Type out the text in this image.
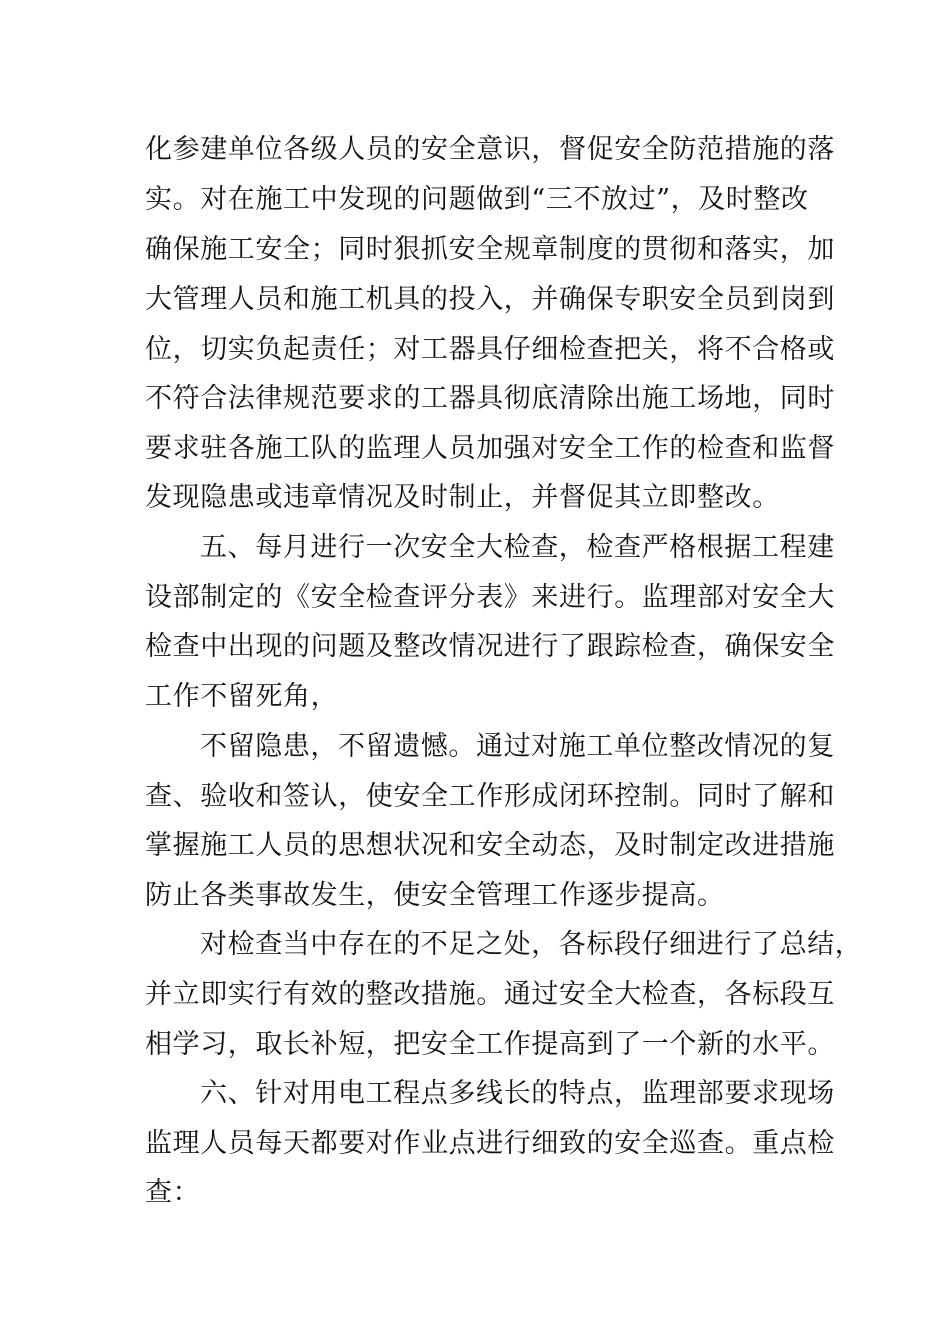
化参建单位各级人员的安全意识，督促安全防范措施的落
实。对在施工中发现的问题做到“三不放过”，及时整改
确保施工安全；同时狠抓安全规章制度的贯彻和落实，加
大管理人员和施工机具的投入，并确保专职安全员到岗到
位，切实负起责任；对工器具仔细检查把关，将不合格或
不符合法律规范要求的工器具彻底清除出施工场地，同时
要求驻各施工队的监理人员加强对安全工作的检查和监督
发现隐患或违章情况及时制止，并督促其立即整改。
五、每月进行一次安全大检查，检查严格根据工程建
设部制定的《安全检查评分表》来进行。监理部对安全大
检查中出现的问题及整改情况进行了跟踪检查，确保安全
工作不留死角，
不留隐患，不留遗憾。通过对施工单位整改情况的复
查、验收和签认，使安全工作形成闭环控制。同时了解和
掌握施工人员的思想状况和安全动态，及时制定改进措施
防止各类事故发生，使安全管理工作逐步提高。
对检查当中存在的不足之处，各标段仔细进行了总结，
并立即实行有效的整改措施。通过安全大检查，各标段互
相学习，取长补短，把安全工作提高到了一个新的水平。
六、针对用电工程点多线长的特点，监理部要求现场
监理人员每天都要对作业点进行细致的安全巡查。重点检
查：
